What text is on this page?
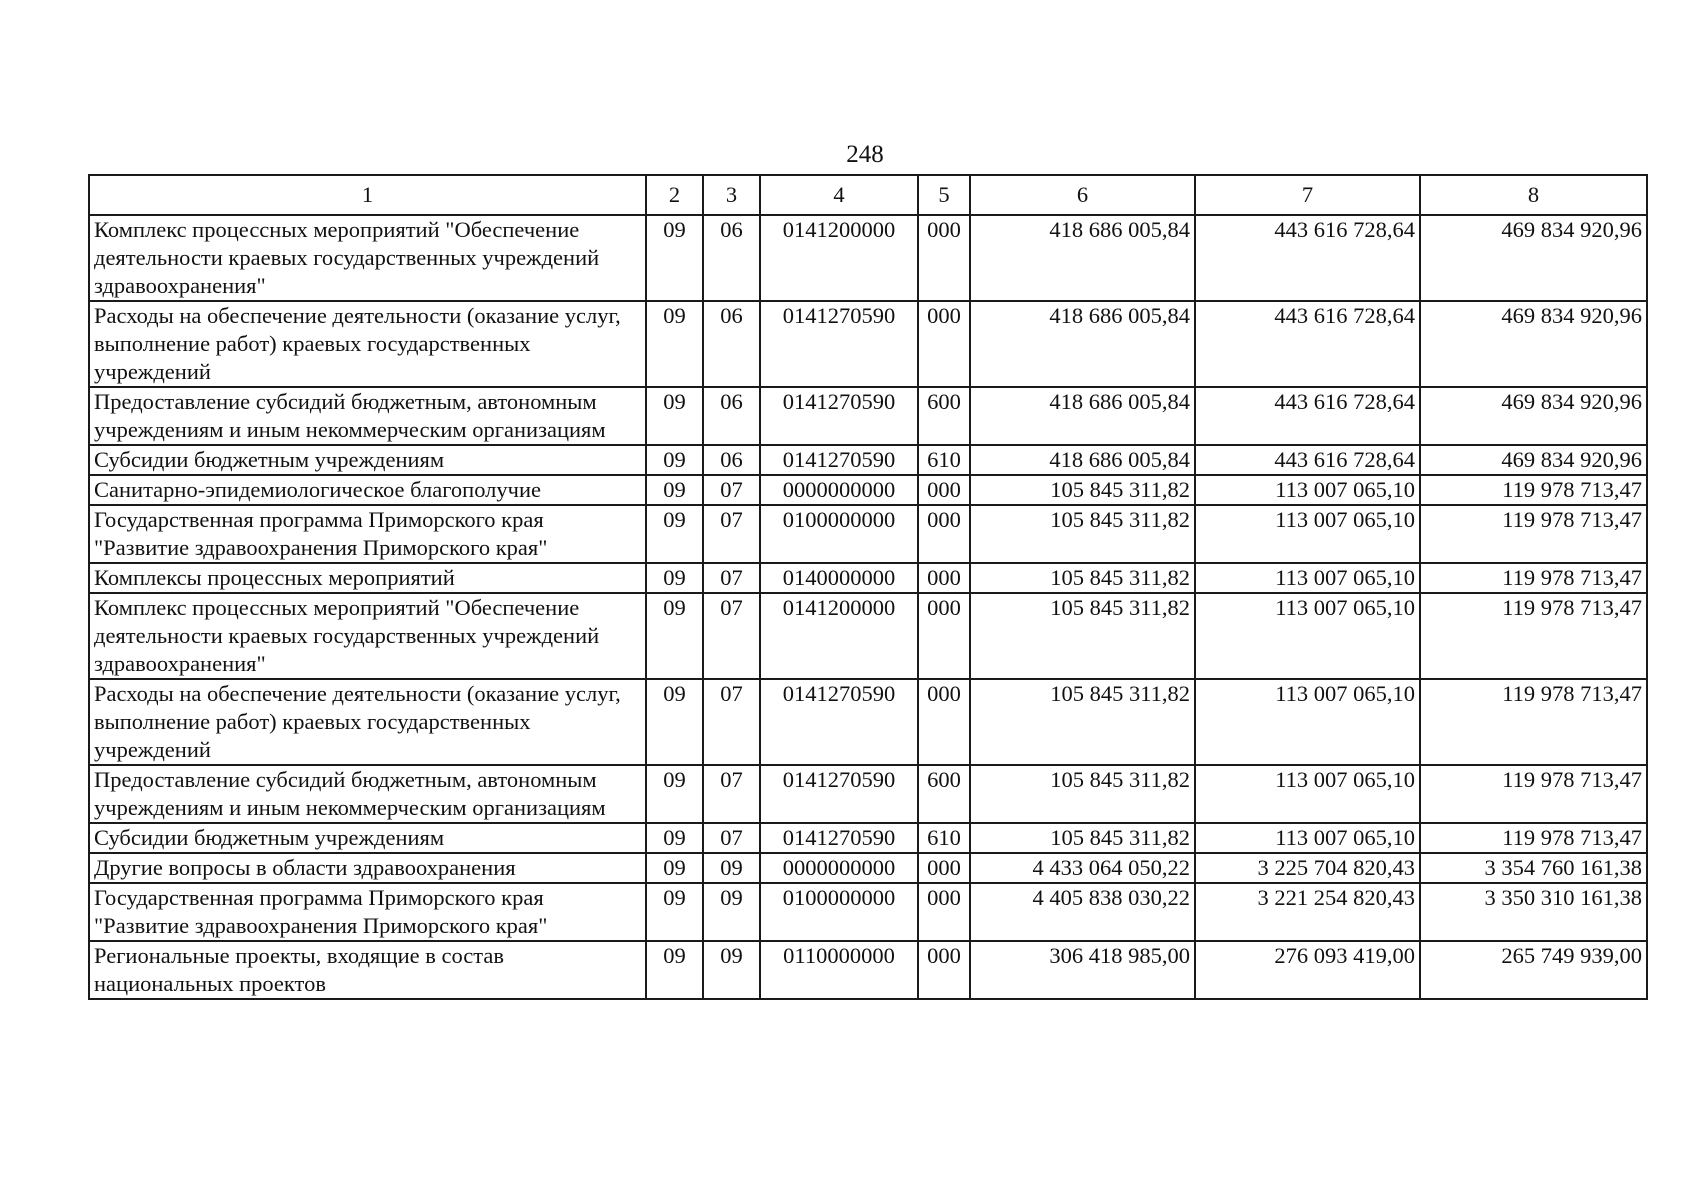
248
1	2	3	4	5	6	7	8
Комплекс процессных мероприятий "Обеспечение деятельности краевых государственных учреждений здравоохранения"	09	06	0141200000	000	418 686 005,84	443 616 728,64	469 834 920,96
Расходы на обеспечение деятельности (оказание услуг, выполнение работ) краевых государственных учреждений	09	06	0141270590	000	418 686 005,84	443 616 728,64	469 834 920,96
Предоставление субсидий бюджетным, автономным учреждениям и иным некоммерческим организациям	09	06	0141270590	600	418 686 005,84	443 616 728,64	469 834 920,96
Субсидии бюджетным учреждениям	09	06	0141270590	610	418 686 005,84	443 616 728,64	469 834 920,96
Санитарно-эпидемиологическое благополучие	09	07	0000000000	000	105 845 311,82	113 007 065,10	119 978 713,47
Государственная программа Приморского края "Развитие здравоохранения Приморского края"	09	07	0100000000	000	105 845 311,82	113 007 065,10	119 978 713,47
Комплексы процессных мероприятий	09	07	0140000000	000	105 845 311,82	113 007 065,10	119 978 713,47
Комплекс процессных мероприятий "Обеспечение деятельности краевых государственных учреждений здравоохранения"	09	07	0141200000	000	105 845 311,82	113 007 065,10	119 978 713,47
Расходы на обеспечение деятельности (оказание услуг, выполнение работ) краевых государственных учреждений	09	07	0141270590	000	105 845 311,82	113 007 065,10	119 978 713,47
Предоставление субсидий бюджетным, автономным учреждениям и иным некоммерческим организациям	09	07	0141270590	600	105 845 311,82	113 007 065,10	119 978 713,47
Субсидии бюджетным учреждениям	09	07	0141270590	610	105 845 311,82	113 007 065,10	119 978 713,47
Другие вопросы в области здравоохранения	09	09	0000000000	000	4 433 064 050,22	3 225 704 820,43	3 354 760 161,38
Государственная программа Приморского края "Развитие здравоохранения Приморского края"	09	09	0100000000	000	4 405 838 030,22	3 221 254 820,43	3 350 310 161,38
Региональные проекты, входящие в состав национальных проектов	09	09	0110000000	000	306 418 985,00	276 093 419,00	265 749 939,00
